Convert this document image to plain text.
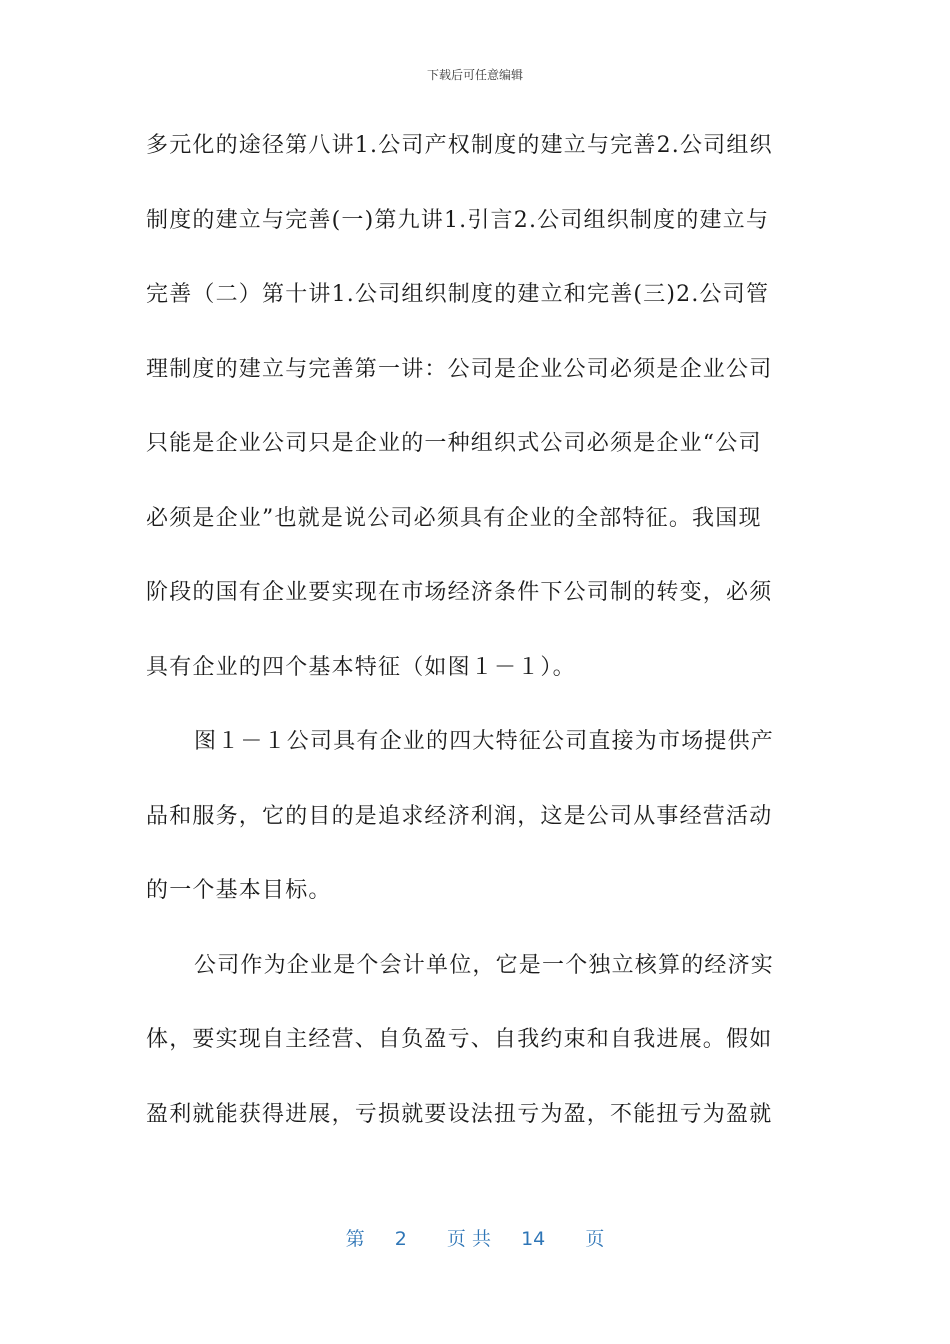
下载后可任意编辑
多元化的途径第八讲1.公司产权制度的建立与完善2.公司组织
制度的建立与完善(一)第九讲1.引言2.公司组织制度的建立与
完善（二）第十讲1.公司组织制度的建立和完善(三)2.公司管
理制度的建立与完善第一讲：公司是企业公司必须是企业公司
只能是企业公司只是企业的一种组织式公司必须是企业“公司
必须是企业”也就是说公司必须具有企业的全部特征。我国现
阶段的国有企业要实现在市场经济条件下公司制的转变，必须
具有企业的四个基本特征（如图１－１）。
图１－１公司具有企业的四大特征公司直接为市场提供产
品和服务，它的目的是追求经济利润，这是公司从事经营活动
的一个基本目标。
公司作为企业是个会计单位，它是一个独立核算的经济实
体，要实现自主经营、自负盈亏、自我约束和自我进展。假如
盈利就能获得进展，亏损就要设法扭亏为盈，不能扭亏为盈就
第 2 页 共 14 页
